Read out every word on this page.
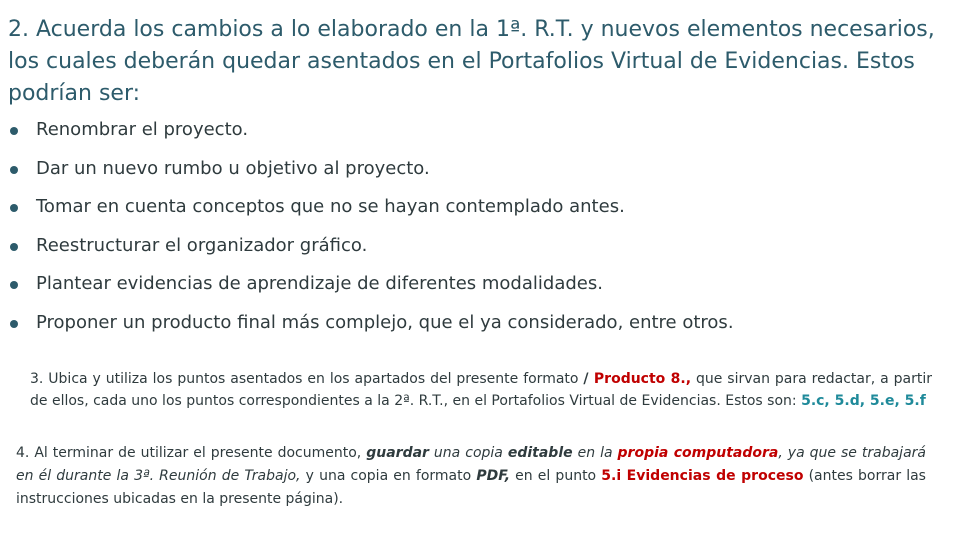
2. Acuerda los cambios a lo elaborado en la 1ª. R.T. y nuevos elementos necesarios, los cuales deberán quedar asentados en el Portafolios Virtual de Evidencias. Estos podrían ser:
Renombrar el proyecto.
Dar un nuevo rumbo u objetivo al proyecto.
Tomar en cuenta conceptos que no se hayan contemplado antes.
Reestructurar el organizador gráfico.
Plantear evidencias de aprendizaje de diferentes modalidades.
Proponer un producto final más complejo, que el ya considerado, entre otros.

3. Ubica y utiliza los puntos asentados en los apartados del presente formato / Producto 8., que sirvan para redactar, a partir de ellos, cada uno los puntos correspondientes a la 2ª. R.T., en el Portafolios Virtual de Evidencias. Estos son: 5.c, 5.d, 5.e, 5.f

4. Al terminar de utilizar el presente documento, guardar una copia editable en la propia computadora, ya que se trabajará en él durante la 3ª. Reunión de Trabajo, y una copia en formato PDF, en el punto 5.i Evidencias de proceso (antes borrar las instrucciones ubicadas en la presente página).
